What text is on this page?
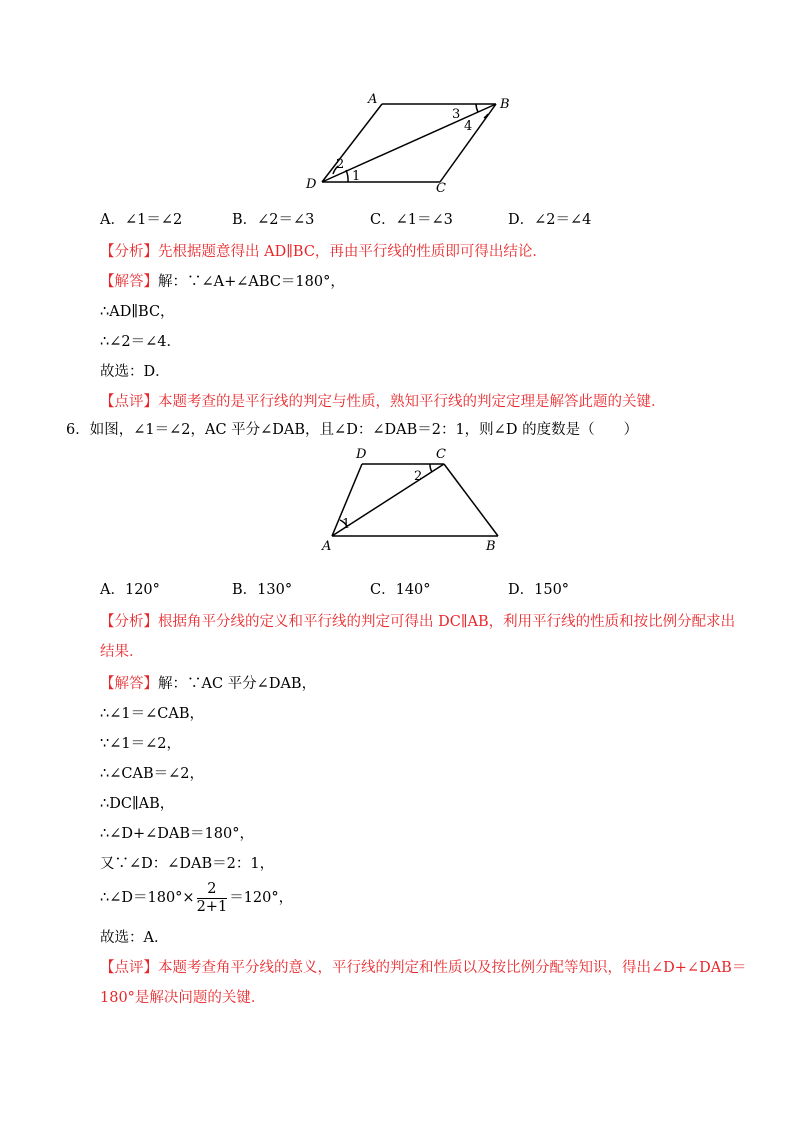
A	B
C
D
1
2
3
4
A．∠1＝∠2	B．∠2＝∠3	C．∠1＝∠3	D．∠2＝∠4
【分析】先根据题意得出 AD∥BC，再由平行线的性质即可得出结论．
【解答】解：∵∠A+∠ABC＝180°，
∴AD∥BC，
∴∠2＝∠4．
故选：D．
【点评】本题考查的是平行线的判定与性质，熟知平行线的判定定理是解答此题的关键．
6．如图，∠1＝∠2，AC 平分∠DAB，且∠D：∠DAB＝2：1，则∠D 的度数是（　　）
D	C
A	B
1
2
A．120°	B．130°	C．140°	D．150°
【分析】根据角平分线的定义和平行线的判定可得出 DC∥AB，利用平行线的性质和按比例分配求出
结果．
【解答】解：∵AC 平分∠DAB，
∴∠1＝∠CAB，
∵∠1＝∠2，
∴∠CAB＝∠2，
∴DC∥AB，
∴∠D+∠DAB＝180°，
又∵∠D：∠DAB＝2：1，
∴∠D＝180°× $\frac{2}{2+1} =120^\circ$，
故选：A．
【点评】本题考查角平分线的意义，平行线的判定和性质以及按比例分配等知识，得出∠D+∠DAB＝
180°是解决问题的关键．
